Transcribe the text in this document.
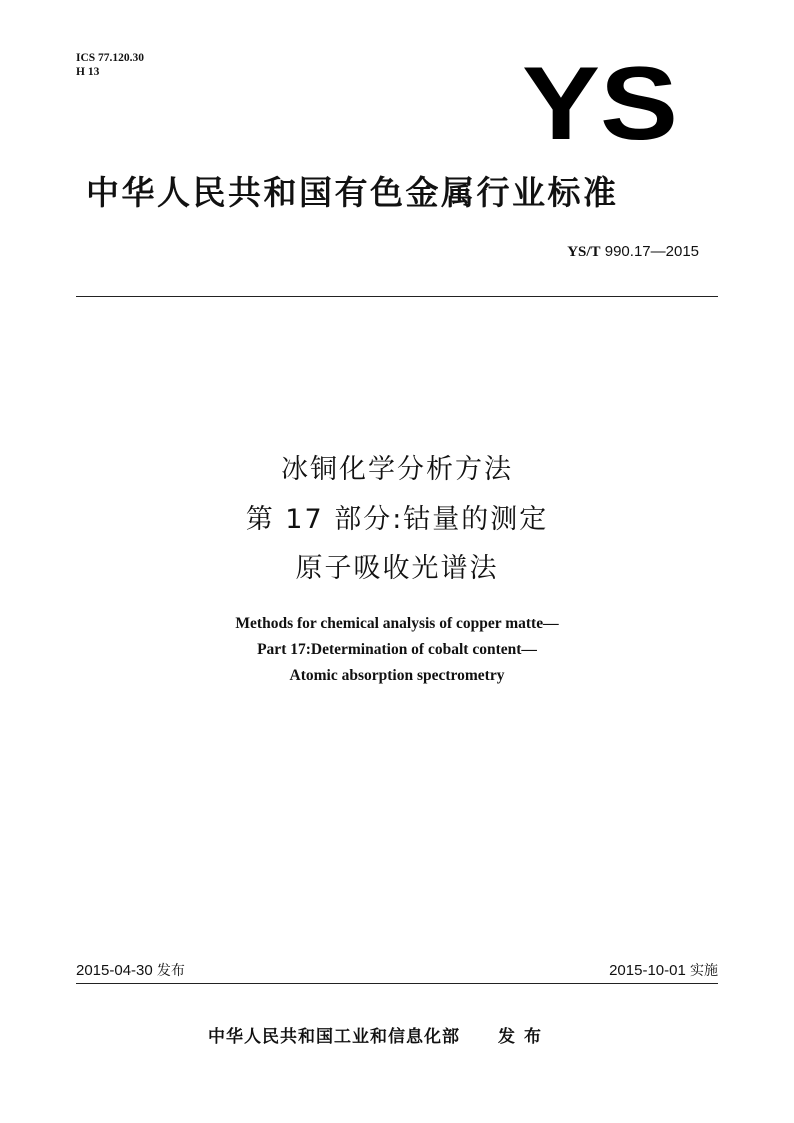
ICS 77.120.30
H 13	YS
中华人民共和国有色金属行业标准
YS/T 990.17—2015
冰铜化学分析方法
第 17 部分:钴量的测定
原子吸收光谱法
Methods for chemical analysis of copper matte—
Part 17:Determination of cobalt content—
Atomic absorption spectrometry
2015-04-30 发布	2015-10-01 实施
中华人民共和国工业和信息化部 发布
